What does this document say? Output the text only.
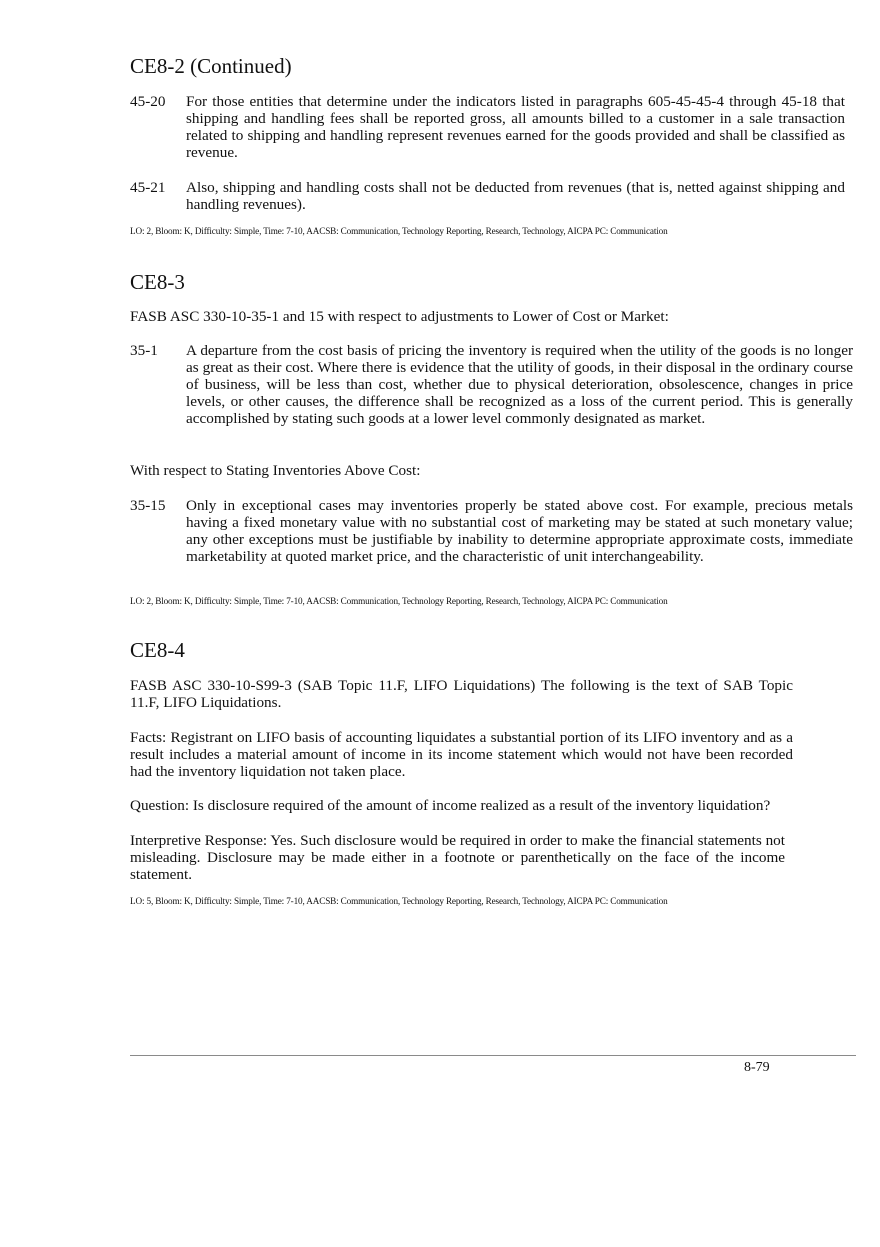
CE8-2 (Continued)

45-20 For those entities that determine under the indicators listed in paragraphs 605-45-45-4 through 45-18 that shipping and handling fees shall be reported gross, all amounts billed to a customer in a sale transaction related to shipping and handling represent revenues earned for the goods provided and shall be classified as revenue.

45-21 Also, shipping and handling costs shall not be deducted from revenues (that is, netted against shipping and handling revenues).

LO: 2, Bloom: K, Difficulty: Simple, Time: 7-10, AACSB: Communication, Technology Reporting, Research, Technology, AICPA PC: Communication

CE8-3

FASB ASC 330-10-35-1 and 15 with respect to adjustments to Lower of Cost or Market:

35-1 A departure from the cost basis of pricing the inventory is required when the utility of the goods is no longer as great as their cost. Where there is evidence that the utility of goods, in their disposal in the ordinary course of business, will be less than cost, whether due to physical deterioration, obsolescence, changes in price levels, or other causes, the difference shall be recognized as a loss of the current period. This is generally accomplished by stating such goods at a lower level commonly designated as market.

With respect to Stating Inventories Above Cost:

35-15 Only in exceptional cases may inventories properly be stated above cost. For example, precious metals having a fixed monetary value with no substantial cost of marketing may be stated at such monetary value; any other exceptions must be justifiable by inability to determine appropriate approximate costs, immediate marketability at quoted market price, and the characteristic of unit interchangeability.

LO: 2, Bloom: K, Difficulty: Simple, Time: 7-10, AACSB: Communication, Technology Reporting, Research, Technology, AICPA PC: Communication

CE8-4

FASB ASC 330-10-S99-3 (SAB Topic 11.F, LIFO Liquidations) The following is the text of SAB Topic 11.F, LIFO Liquidations.

Facts: Registrant on LIFO basis of accounting liquidates a substantial portion of its LIFO inventory and as a result includes a material amount of income in its income statement which would not have been recorded had the inventory liquidation not taken place.

Question: Is disclosure required of the amount of income realized as a result of the inventory liquidation?

Interpretive Response: Yes. Such disclosure would be required in order to make the financial statements not misleading. Disclosure may be made either in a footnote or parenthetically on the face of the income statement.

LO: 5, Bloom: K, Difficulty: Simple, Time: 7-10, AACSB: Communication, Technology Reporting, Research, Technology, AICPA PC: Communication

8-79
